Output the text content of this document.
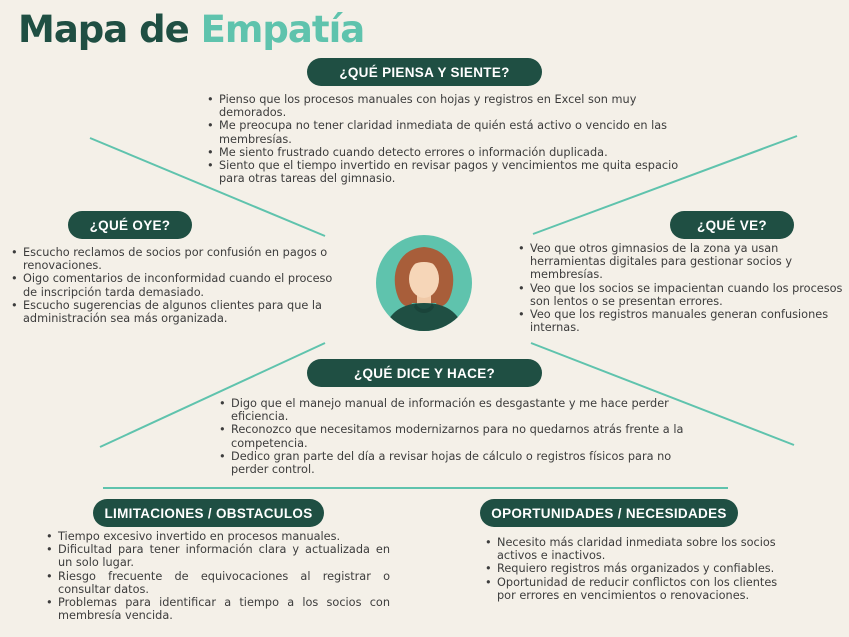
Mapa de Empatía
¿QUÉ PIENSA Y SIENTE?
• Pienso que los procesos manuales con hojas y registros en Excel son muy demorados.
• Me preocupa no tener claridad inmediata de quién está activo o vencido en las membresías.
• Me siento frustrado cuando detecto errores o información duplicada.
• Siento que el tiempo invertido en revisar pagos y vencimientos me quita espacio para otras tareas del gimnasio.
¿QUÉ OYE?
• Escucho reclamos de socios por confusión en pagos o renovaciones.
• Oigo comentarios de inconformidad cuando el proceso de inscripción tarda demasiado.
• Escucho sugerencias de algunos clientes para que la administración sea más organizada.
¿QUÉ VE?
• Veo que otros gimnasios de la zona ya usan herramientas digitales para gestionar socios y membresías.
• Veo que los socios se impacientan cuando los procesos son lentos o se presentan errores.
• Veo que los registros manuales generan confusiones internas.
¿QUÉ DICE Y HACE?
• Digo que el manejo manual de información es desgastante y me hace perder eficiencia.
• Reconozco que necesitamos modernizarnos para no quedarnos atrás frente a la competencia.
• Dedico gran parte del día a revisar hojas de cálculo o registros físicos para no perder control.
LIMITACIONES / OBSTACULOS
• Tiempo excesivo invertido en procesos manuales.
• Dificultad para tener información clara y actualizada en un solo lugar.
• Riesgo frecuente de equivocaciones al registrar o consultar datos.
• Problemas para identificar a tiempo a los socios con membresía vencida.
OPORTUNIDADES / NECESIDADES
• Necesito más claridad inmediata sobre los socios activos e inactivos.
• Requiero registros más organizados y confiables.
• Oportunidad de reducir conflictos con los clientes por errores en vencimientos o renovaciones.
